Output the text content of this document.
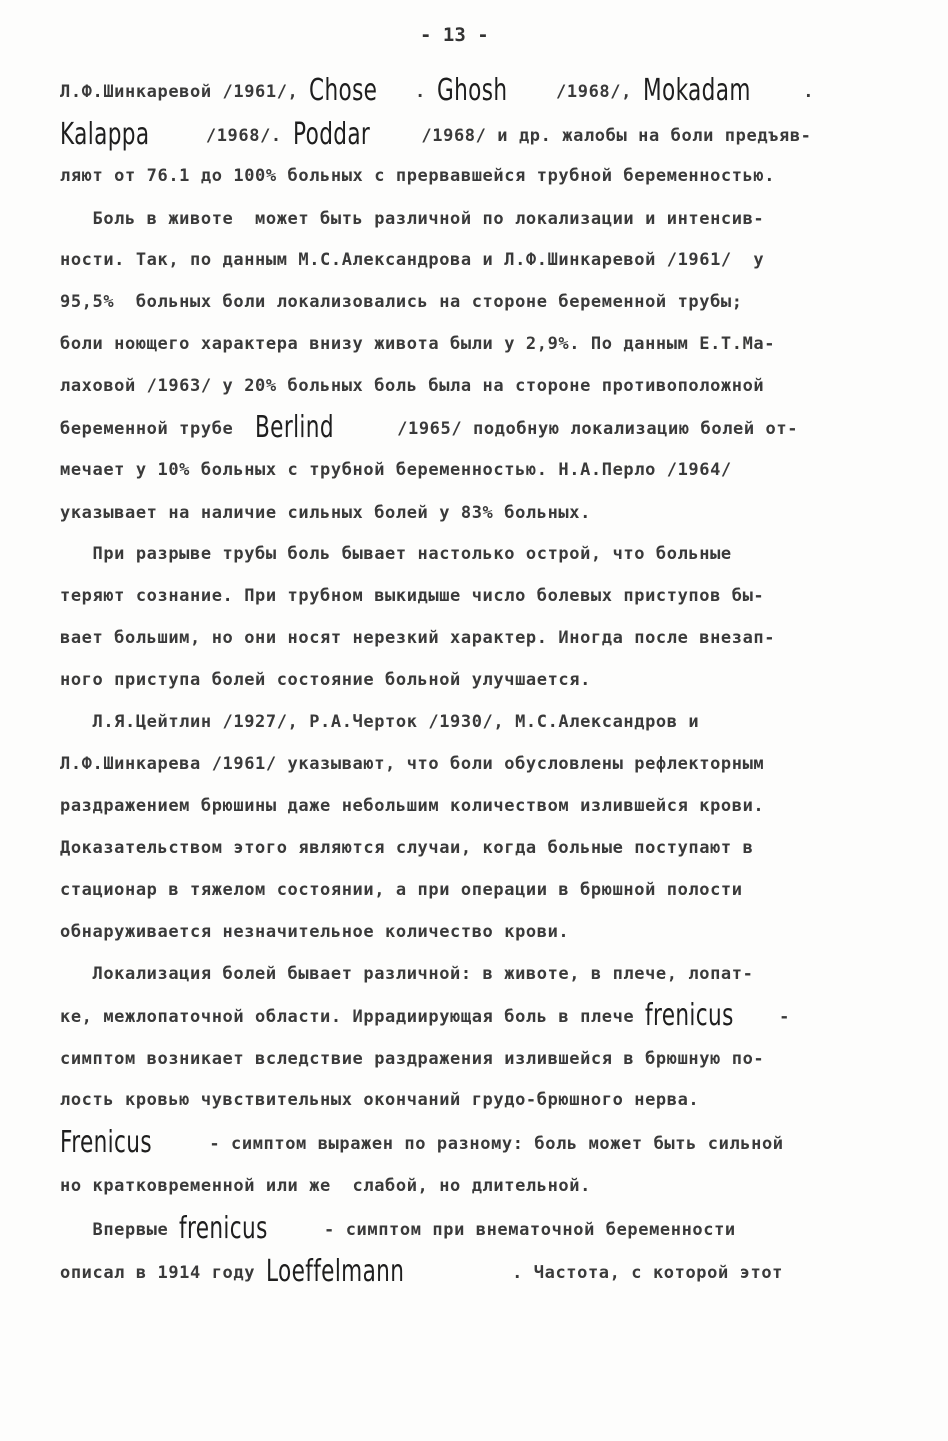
- 13 -
Л.Ф.Шинкаревой /1961/, Chose . Ghosh  /1968/, Mokadam .
Kalappa  /1968/. Poddar  /1968/ и др. жалобы на боли предъяв-
ляют от 76.1 до 100% больных с прервавшейся трубной беременностью.
Боль в животе  может быть различной по локализации и интенсив-
ности. Так, по данным М.С.Александрова и Л.Ф.Шинкаревой /1961/  у
95,5%  больных боли локализовались на стороне беременной трубы;
боли ноющего характера внизу живота были у 2,9%. По данным Е.Т.Ма-
лаховой /1963/ у 20% больных боль была на стороне противоположной
беременной трубе  Berlind   /1965/ подобную локализацию болей от-
мечает у 10% больных с трубной беременностью. Н.А.Перло /1964/
указывает на наличие сильных болей у 83% больных.
При разрыве трубы боль бывает настолько острой, что больные
теряют сознание. При трубном выкидыше число болевых приступов бы-
вает большим, но они носят нерезкий характер. Иногда после внезап-
ного приступа болей состояние больной улучшается.
Л.Я.Цейтлин /1927/, Р.А.Черток /1930/, М.С.Александров и
Л.Ф.Шинкарева /1961/ указывают, что боли обусловлены рефлекторным
раздражением брюшины даже небольшим количеством излившейся крови.
Доказательством этого являются случаи, когда больные поступают в
стационар в тяжелом состоянии, а при операции в брюшной полости
обнаруживается незначительное количество крови.
Локализация болей бывает различной: в животе, в плече, лопат-
ке, межлопаточной области. Иррадиирующая боль в плече frenicus -
симптом возникает вследствие раздражения излившейся в брюшную по-
лость кровью чувствительных окончаний грудо-брюшного нерва.
Frenicus  - симптом выражен по разному: боль может быть сильной
но кратковременной или же  слабой, но длительной.
Впервые frenicus  - симптом при внематочной беременности
описал в 1914 году Loeffelmann	. Частота, с которой этот
